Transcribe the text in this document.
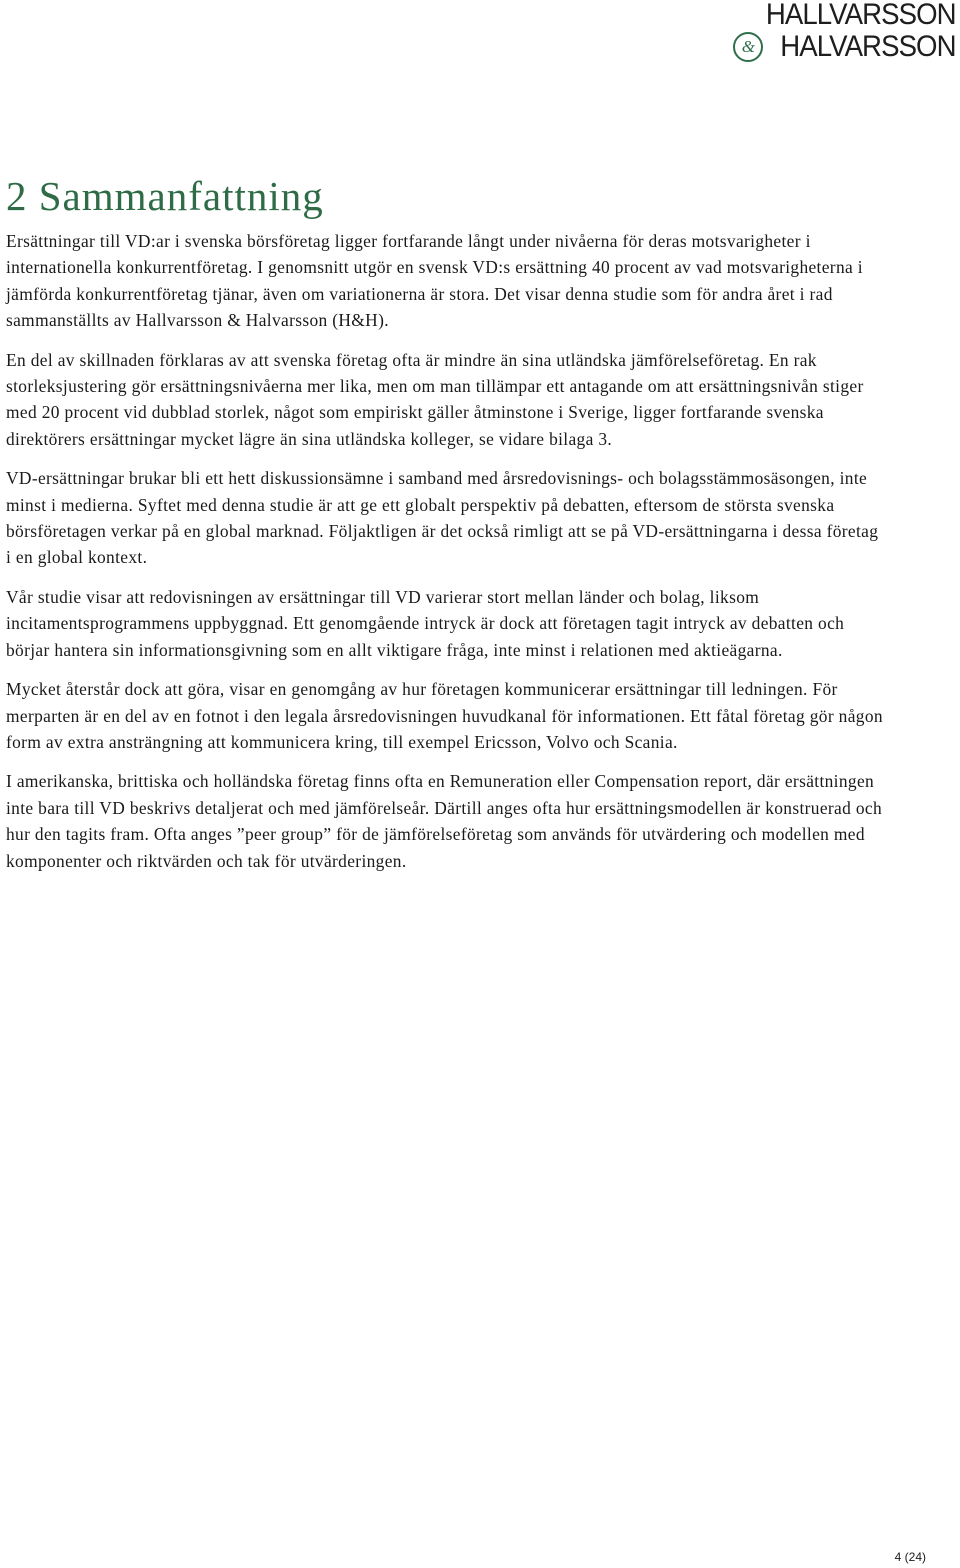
HALLVARSSON
& HALVARSSON
2 Sammanfattning

Ersättningar till VD:ar i svenska börsföretag ligger fortfarande långt under nivåerna för deras motsvarigheter i internationella konkurrentföretag. I genomsnitt utgör en svensk VD:s ersättning 40 procent av vad motsvarigheterna i jämförda konkurrentföretag tjänar, även om variationerna är stora. Det visar denna studie som för andra året i rad sammanställts av Hallvarsson & Halvarsson (H&H).

En del av skillnaden förklaras av att svenska företag ofta är mindre än sina utländska jämförelseföretag. En rak storleksjustering gör ersättningsnivåerna mer lika, men om man tillämpar ett antagande om att ersättningsnivån stiger med 20 procent vid dubblad storlek, något som empiriskt gäller åtminstone i Sverige, ligger fortfarande svenska direktörers ersättningar mycket lägre än sina utländska kolleger, se vidare bilaga 3.

VD-ersättningar brukar bli ett hett diskussionsämne i samband med årsredovisnings- och bolagsstämmosäsongen, inte minst i medierna. Syftet med denna studie är att ge ett globalt perspektiv på debatten, eftersom de största svenska börsföretagen verkar på en global marknad. Följaktligen är det också rimligt att se på VD-ersättningarna i dessa företag i en global kontext.

Vår studie visar att redovisningen av ersättningar till VD varierar stort mellan länder och bolag, liksom incitamentsprogrammens uppbyggnad. Ett genomgående intryck är dock att företagen tagit intryck av debatten och börjar hantera sin informationsgivning som en allt viktigare fråga, inte minst i relationen med aktieägarna.

Mycket återstår dock att göra, visar en genomgång av hur företagen kommunicerar ersättningar till ledningen. För merparten är en del av en fotnot i den legala årsredovisningen huvudkanal för informationen. Ett fåtal företag gör någon form av extra ansträngning att kommunicera kring, till exempel Ericsson, Volvo och Scania.

I amerikanska, brittiska och holländska företag finns ofta en Remuneration eller Compensation report, där ersättningen inte bara till VD beskrivs detaljerat och med jämförelseår. Därtill anges ofta hur ersättningsmodellen är konstruerad och hur den tagits fram. Ofta anges ”peer group” för de jämförelseföretag som används för utvärdering och modellen med komponenter och riktvärden och tak för utvärderingen.

4 (24)
